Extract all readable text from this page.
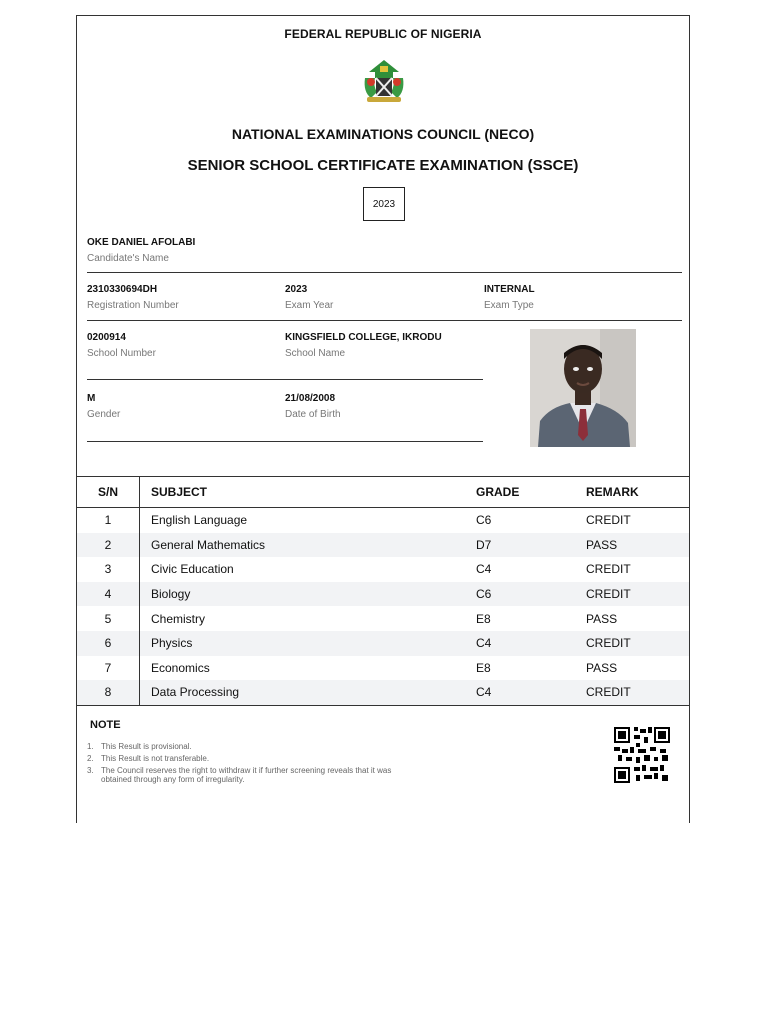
FEDERAL REPUBLIC OF NIGERIA
NATIONAL EXAMINATIONS COUNCIL (NECO)
SENIOR SCHOOL CERTIFICATE EXAMINATION (SSCE)
2023
OKE DANIEL AFOLABI
Candidate's Name
2310330694DH
Registration Number
2023
Exam Year
INTERNAL
Exam Type
0200914
School Number
KINGSFIELD COLLEGE, IKRODU
School Name
M
Gender
21/08/2008
Date of Birth
S/N	SUBJECT	GRADE	REMARK
1	English Language	C6	CREDIT
2	General Mathematics	D7	PASS
3	Civic Education	C4	CREDIT
4	Biology	C6	CREDIT
5	Chemistry	E8	PASS
6	Physics	C4	CREDIT
7	Economics	E8	PASS
8	Data Processing	C4	CREDIT
NOTE
1. This Result is provisional.
2. This Result is not transferable.
3. The Council reserves the right to withdraw it if further screening reveals that it was obtained through any form of irregularity.
